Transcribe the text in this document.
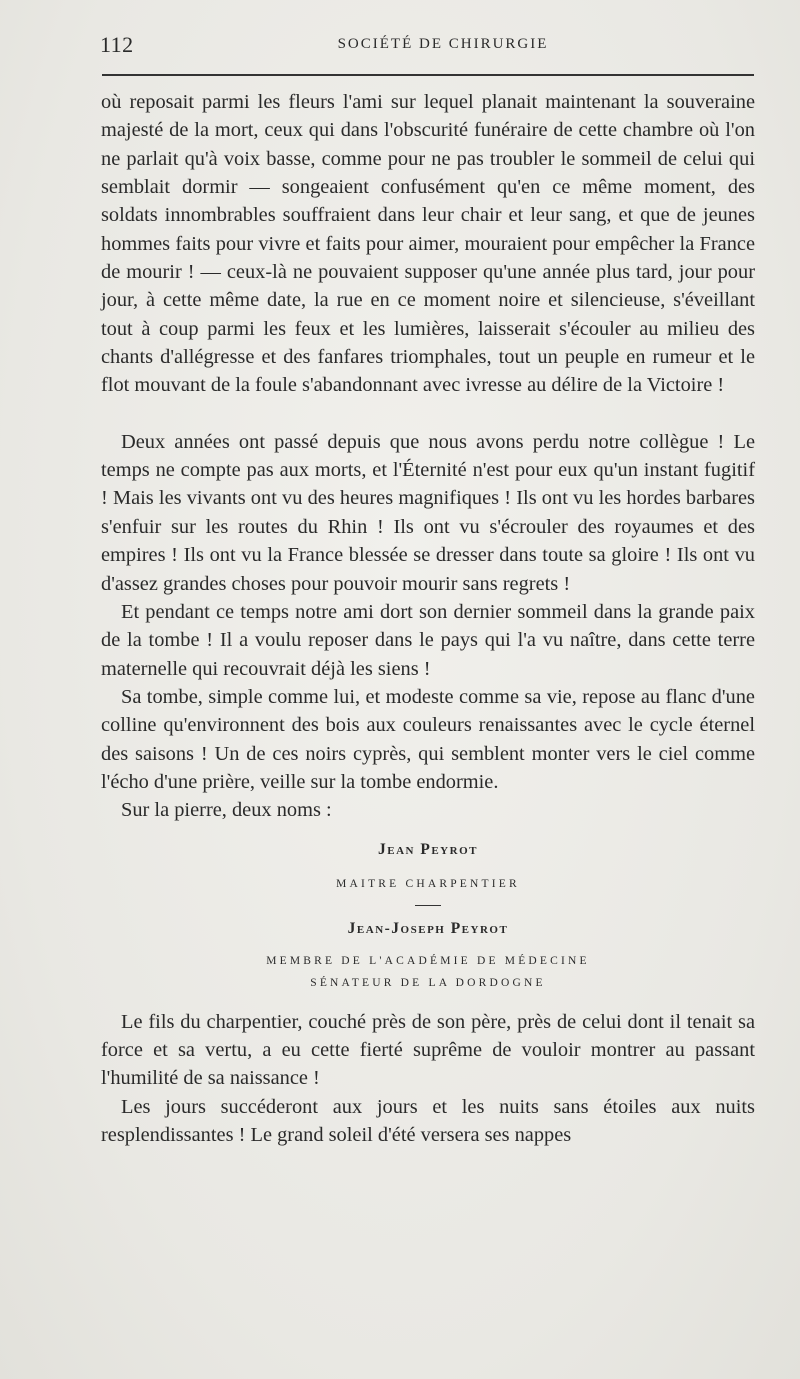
112	SOCIÉTÉ DE CHIRURGIE

où reposait parmi les fleurs l'ami sur lequel planait maintenant la souveraine majesté de la mort, ceux qui dans l'obscurité funéraire de cette chambre où l'on ne parlait qu'à voix basse, comme pour ne pas troubler le sommeil de celui qui semblait dormir — songeaient confusément qu'en ce même moment, des soldats innombrables souffraient dans leur chair et leur sang, et que de jeunes hommes faits pour vivre et faits pour aimer, mouraient pour empêcher la France de mourir ! — ceux-là ne pouvaient supposer qu'une année plus tard, jour pour jour, à cette même date, la rue en ce moment noire et silencieuse, s'éveillant tout à coup parmi les feux et les lumières, laisserait s'écouler au milieu des chants d'allégresse et des fanfares triomphales, tout un peuple en rumeur et le flot mouvant de la foule s'abandonnant avec ivresse au délire de la Victoire !

Deux années ont passé depuis que nous avons perdu notre collègue ! Le temps ne compte pas aux morts, et l'Éternité n'est pour eux qu'un instant fugitif ! Mais les vivants ont vu des heures magnifiques ! Ils ont vu les hordes barbares s'enfuir sur les routes du Rhin ! Ils ont vu s'écrouler des royaumes et des empires ! Ils ont vu la France blessée se dresser dans toute sa gloire ! Ils ont vu d'assez grandes choses pour pouvoir mourir sans regrets !

Et pendant ce temps notre ami dort son dernier sommeil dans la grande paix de la tombe ! Il a voulu reposer dans le pays qui l'a vu naître, dans cette terre maternelle qui recouvrait déjà les siens !

Sa tombe, simple comme lui, et modeste comme sa vie, repose au flanc d'une colline qu'environnent des bois aux couleurs renaissantes avec le cycle éternel des saisons ! Un de ces noirs cyprès, qui semblent monter vers le ciel comme l'écho d'une prière, veille sur la tombe endormie.

Sur la pierre, deux noms :

Jean Peyrot
MAITRE CHARPENTIER
Jean-Joseph Peyrot
MEMBRE DE L'ACADÉMIE DE MÉDECINE
SÉNATEUR DE LA DORDOGNE

Le fils du charpentier, couché près de son père, près de celui dont il tenait sa force et sa vertu, a eu cette fierté suprême de vouloir montrer au passant l'humilité de sa naissance !

Les jours succéderont aux jours et les nuits sans étoiles aux nuits resplendissantes ! Le grand soleil d'été versera ses nappes
